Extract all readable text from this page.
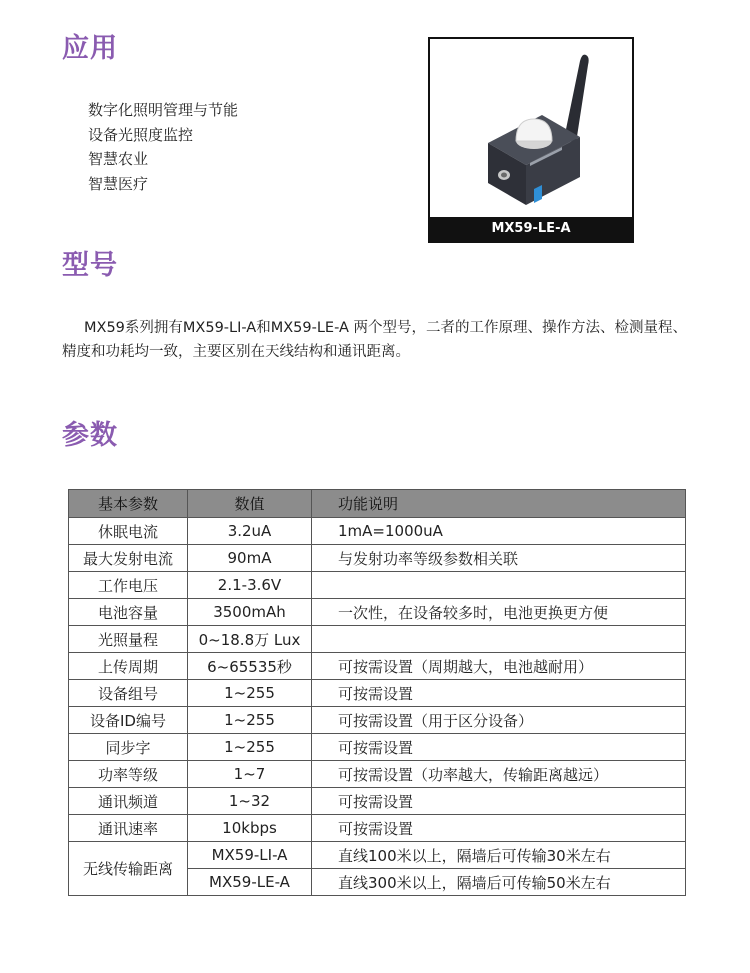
应用
数字化照明管理与节能
设备光照度监控
智慧农业
智慧医疗
MX59-LE-A
型号

MX59系列拥有MX59-LI-A和MX59-LE-A 两个型号，二者的工作原理、操作方法、检测量程、精度和功耗均一致，主要区别在天线结构和通讯距离。

参数
基本参数	数值	功能说明
休眠电流	3.2uA	1mA=1000uA
最大发射电流	90mA	与发射功率等级参数相关联
工作电压	2.1-3.6V	
电池容量	3500mAh	一次性，在设备较多时，电池更换更方便
光照量程	0~18.8万 Lux	
上传周期	6~65535秒	可按需设置（周期越大，电池越耐用）
设备组号	1~255	可按需设置
设备ID编号	1~255	可按需设置（用于区分设备）
同步字	1~255	可按需设置
功率等级	1~7	可按需设置（功率越大，传输距离越远）
通讯频道	1~32	可按需设置
通讯速率	10kbps	可按需设置
无线传输距离	MX59-LI-A	直线100米以上，隔墙后可传输30米左右
	MX59-LE-A	直线300米以上，隔墙后可传输50米左右
